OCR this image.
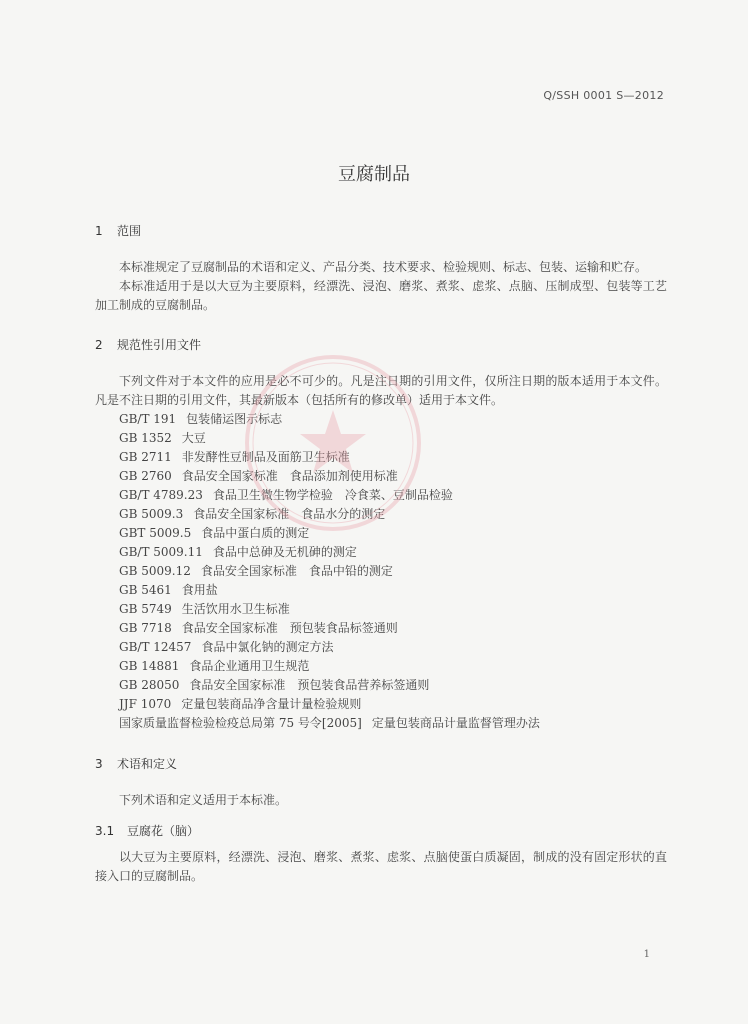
Q/SSH 0001 S—2012
豆腐制品
1 范围
本标准规定了豆腐制品的术语和定义、产品分类、技术要求、检验规则、标志、包装、运输和贮存。
本标准适用于是以大豆为主要原料，经漂洗、浸泡、磨浆、煮浆、虑浆、点脑、压制成型、包装等工艺加工制成的豆腐制品。
2 规范性引用文件
下列文件对于本文件的应用是必不可少的。凡是注日期的引用文件，仅所注日期的版本适用于本文件。凡是不注日期的引用文件，其最新版本（包括所有的修改单）适用于本文件。
GB/T 191 包装储运图示标志
GB 1352 大豆
GB 2711 非发酵性豆制品及面筋卫生标准
GB 2760 食品安全国家标准　食品添加剂使用标准
GB/T 4789.23 食品卫生微生物学检验　冷食菜、豆制品检验
GB 5009.3 食品安全国家标准　食品水分的测定
GBT 5009.5 食品中蛋白质的测定
GB/T 5009.11 食品中总砷及无机砷的测定
GB 5009.12 食品安全国家标准　食品中铅的测定
GB 5461 食用盐
GB 5749 生活饮用水卫生标准
GB 7718 食品安全国家标准　预包装食品标签通则
GB/T 12457 食品中氯化钠的测定方法
GB 14881 食品企业通用卫生规范
GB 28050 食品安全国家标准　预包装食品营养标签通则
JJF 1070 定量包装商品净含量计量检验规则
国家质量监督检验检疫总局第 75 号令[2005] 定量包装商品计量监督管理办法
3 术语和定义
下列术语和定义适用于本标准。
3.1 豆腐花（脑）
以大豆为主要原料，经漂洗、浸泡、磨浆、煮浆、虑浆、点脑使蛋白质凝固，制成的没有固定形状的直接入口的豆腐制品。
1
